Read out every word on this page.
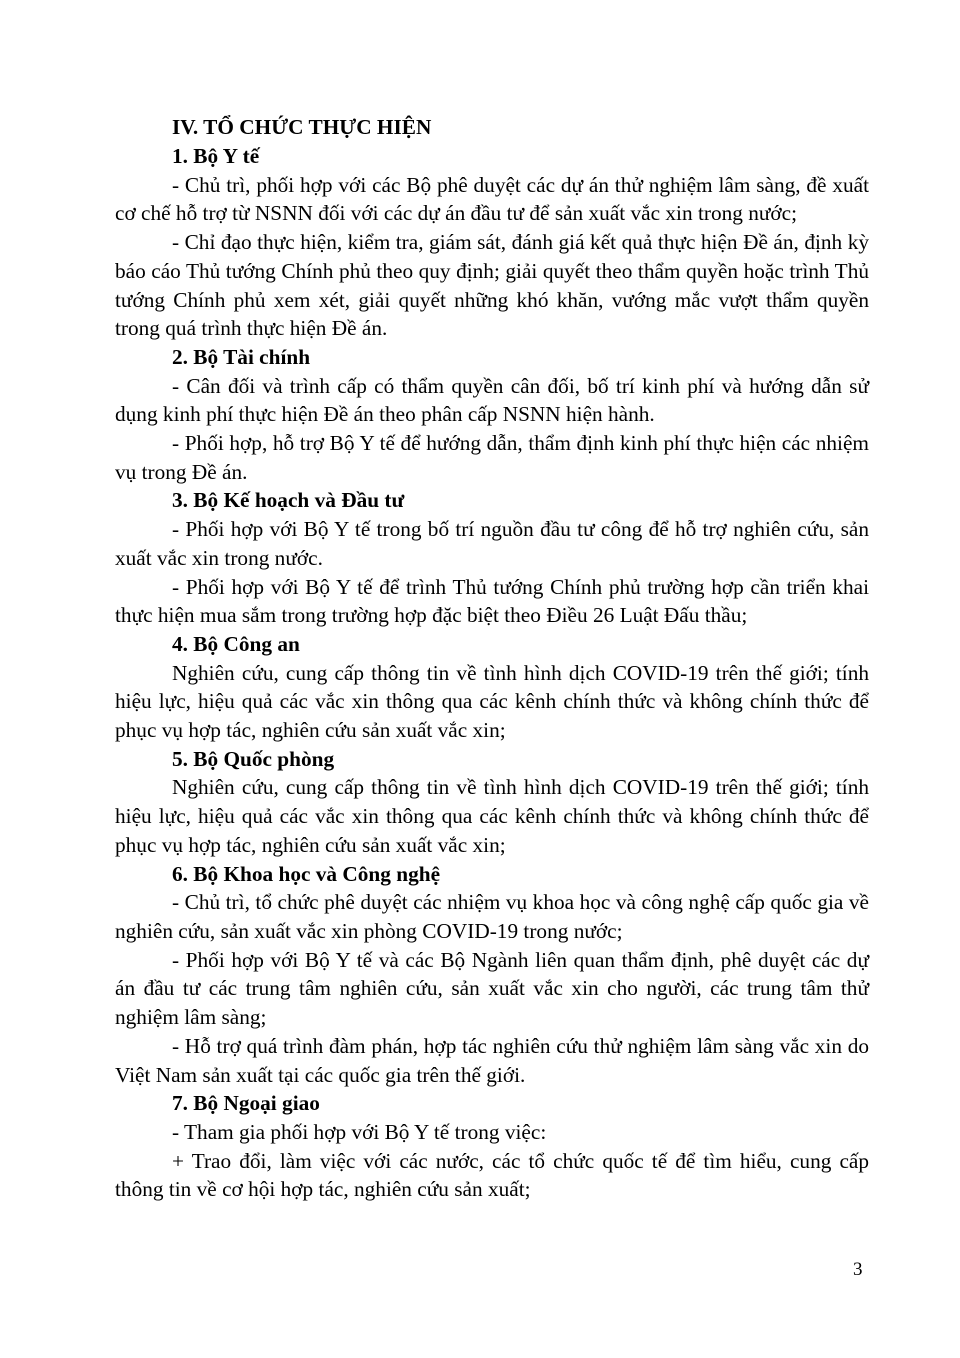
IV. TỔ CHỨC THỰC HIỆN

1. Bộ Y tế

- Chủ trì, phối hợp với các Bộ phê duyệt các dự án thử nghiệm lâm sàng, đề xuất cơ chế hỗ trợ từ NSNN đối với các dự án đầu tư để sản xuất vắc xin trong nước;

- Chỉ đạo thực hiện, kiểm tra, giám sát, đánh giá kết quả thực hiện Đề án, định kỳ báo cáo Thủ tướng Chính phủ theo quy định; giải quyết theo thẩm quyền hoặc trình Thủ tướng Chính phủ xem xét, giải quyết những khó khăn, vướng mắc vượt thẩm quyền trong quá trình thực hiện Đề án.

2. Bộ Tài chính

- Cân đối và trình cấp có thẩm quyền cân đối, bố trí kinh phí và hướng dẫn sử dụng kinh phí thực hiện Đề án theo phân cấp NSNN hiện hành.

- Phối hợp, hỗ trợ Bộ Y tế để hướng dẫn, thẩm định kinh phí thực hiện các nhiệm vụ trong Đề án.

3. Bộ Kế hoạch và Đầu tư

- Phối hợp với Bộ Y tế trong bố trí nguồn đầu tư công để hỗ trợ nghiên cứu, sản xuất vắc xin trong nước.

- Phối hợp với Bộ Y tế để trình Thủ tướng Chính phủ trường hợp cần triển khai thực hiện mua sắm trong trường hợp đặc biệt theo Điều 26 Luật Đấu thầu;

4. Bộ Công an

Nghiên cứu, cung cấp thông tin về tình hình dịch COVID-19 trên thế giới; tính hiệu lực, hiệu quả các vắc xin thông qua các kênh chính thức và không chính thức để phục vụ hợp tác, nghiên cứu sản xuất vắc xin;

5. Bộ Quốc phòng

Nghiên cứu, cung cấp thông tin về tình hình dịch COVID-19 trên thế giới; tính hiệu lực, hiệu quả các vắc xin thông qua các kênh chính thức và không chính thức để phục vụ hợp tác, nghiên cứu sản xuất vắc xin;

6. Bộ Khoa học và Công nghệ

- Chủ trì, tổ chức phê duyệt các nhiệm vụ khoa học và công nghệ cấp quốc gia về nghiên cứu, sản xuất vắc xin phòng COVID-19 trong nước;

- Phối hợp với Bộ Y tế và các Bộ Ngành liên quan thẩm định, phê duyệt các dự án đầu tư các trung tâm nghiên cứu, sản xuất vắc xin cho người, các trung tâm thử nghiệm lâm sàng;

- Hỗ trợ quá trình đàm phán, hợp tác nghiên cứu thử nghiệm lâm sàng vắc xin do Việt Nam sản xuất tại các quốc gia trên thế giới.

7. Bộ Ngoại giao

- Tham gia phối hợp với Bộ Y tế trong việc:

+ Trao đổi, làm việc với các nước, các tổ chức quốc tế để tìm hiểu, cung cấp thông tin về cơ hội hợp tác, nghiên cứu sản xuất;

3
